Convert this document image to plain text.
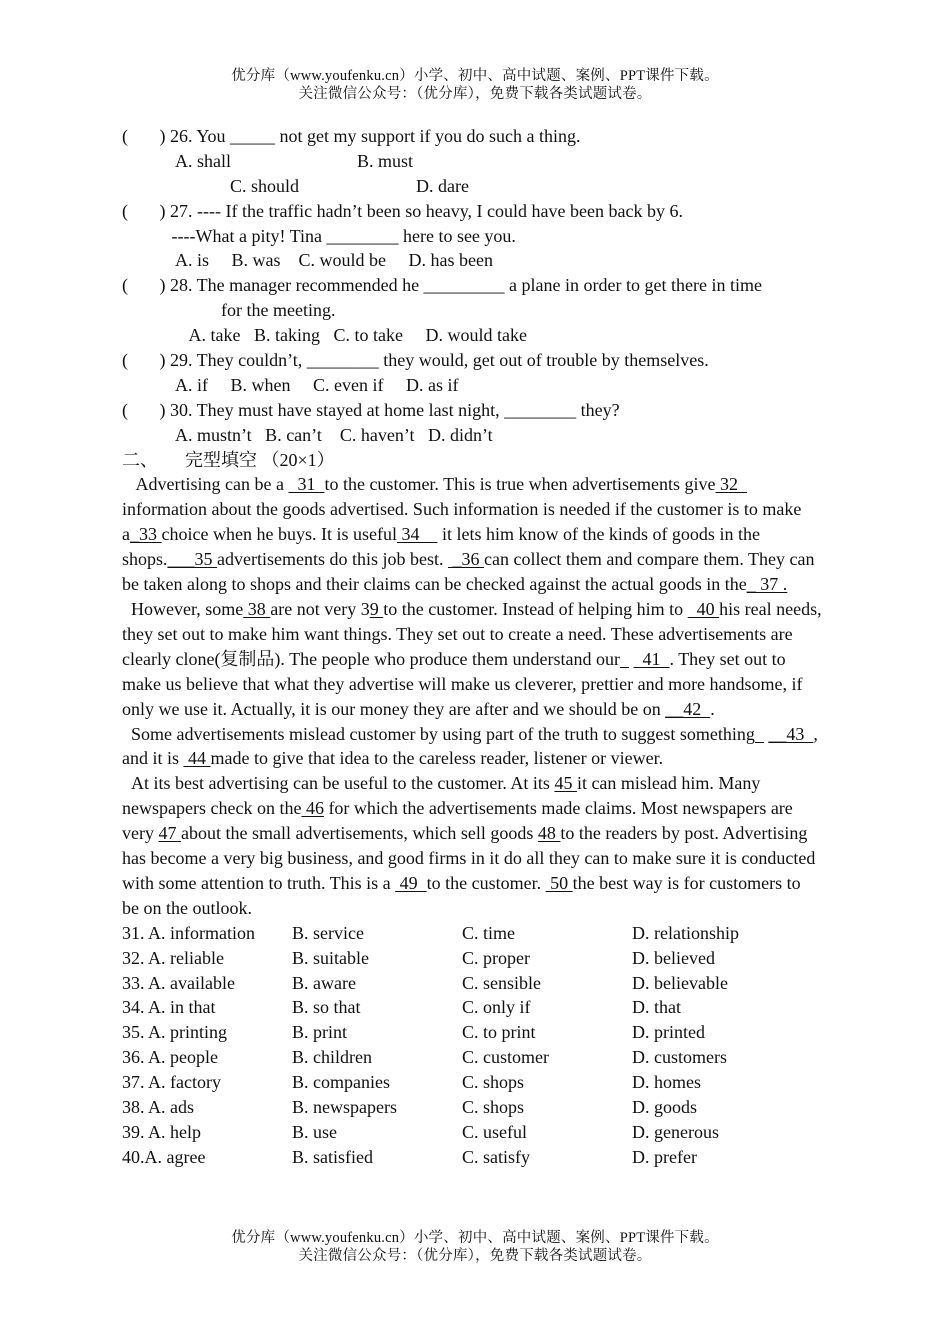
优分库（www.youfenku.cn）小学、初中、高中试题、案例、PPT课件下载。
关注微信公众号：（优分库），免费下载各类试题试卷。
(       ) 26. You _____ not get my support if you do such a thing.
A. shall                            B. must
C. should                          D. dare
(       ) 27. ---- If the traffic hadn’t been so heavy, I could have been back by 6.
----What a pity! Tina ________ here to see you.
A. is     B. was    C. would be     D. has been
(       ) 28. The manager recommended he _________ a plane in order to get there in time
for the meeting.
A. take   B. taking   C. to take     D. would take
(       ) 29. They couldn’t, ________ they would, get out of trouble by themselves.
A. if     B. when     C. even if     D. as if
(       ) 30. They must have stayed at home last night, ________ they?
A. mustn’t   B. can’t    C. haven’t   D. didn’t
二、      完型填空 （20×1）
Advertising can be a   31  to the customer. This is true when advertisements give 32   information about the goods advertised. Such information is needed if the customer is to make a_33 choice when he buys. It is useful 34     it lets him know of the kinds of goods in the shops.___35 advertisements do this job best.  _36 can collect them and compare them. They can be taken along to shops and their claims can be checked against the actual goods in the_ 37 .
However, some 38 are not very 39 to the customer. Instead of helping him to   40 his real needs, they set out to make him want things. They set out to create a need. These advertisements are clearly clone(复制品). The people who produce them understand our     41  . They set out to make us believe that what they advertise will make us cleverer, prettier and more handsome, if only we use it. Actually, it is our money they are after and we should be on __42  .
Some advertisements mislead customer by using part of the truth to suggest something __43  , and it is  44 made to give that idea to the careless reader, listener or viewer.
At its best advertising can be useful to the customer. At its 45 it can mislead him. Many newspapers check on the 46 for which the advertisements made claims. Most newspapers are very 47 about the small advertisements, which sell goods 48 to the readers by post. Advertising has become a very big business, and good firms in it do all they can to make sure it is conducted with some attention to truth. This is a  49  to the customer.  50 the best way is for customers to be on the outlook.
31. A. information	B. service	C. time	D. relationship
32. A. reliable	B. suitable	C. proper	D. believed
33. A. available	B. aware	C. sensible	D. believable
34. A. in that	B. so that	C. only if	D. that
35. A. printing	B. print	C. to print	D. printed
36. A. people	B. children	C. customer	D. customers
37. A. factory	B. companies	C. shops	D. homes
38. A. ads	B. newspapers	C. shops	D. goods
39. A. help	B. use	C. useful	D. generous
40.A. agree	B. satisfied	C. satisfy	D. prefer
优分库（www.youfenku.cn）小学、初中、高中试题、案例、PPT课件下载。
关注微信公众号：（优分库），免费下载各类试题试卷。
